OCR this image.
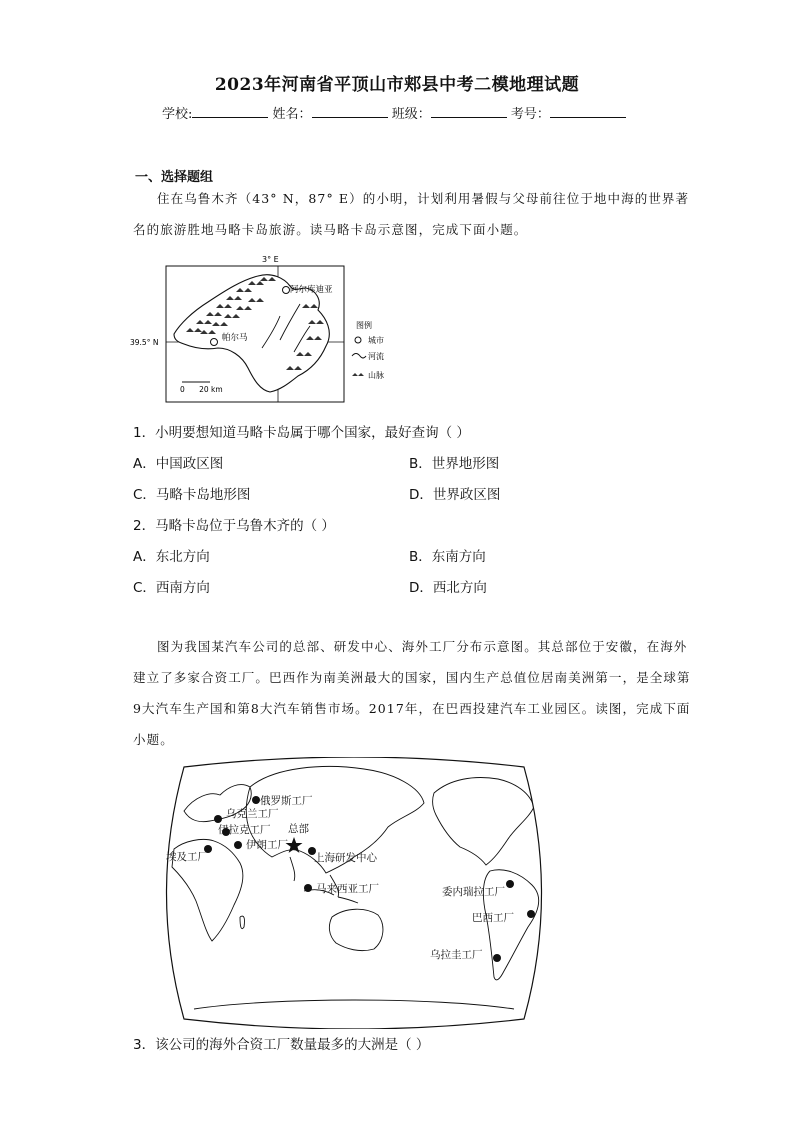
2023年河南省平顶山市郏县中考二模地理试题
学校:	姓名：	班级：	考号：
一、选择题组
住在乌鲁木齐（43° N，87° E）的小明，计划利用暑假与父母前往位于地中海的世界著名的旅游胜地马略卡岛旅游。读马略卡岛示意图，完成下面小题。
阿尔库迪亚
帕尔马
3° E
39.5° N
0      20 km
图例
城市
河流
山脉
1．小明要想知道马略卡岛属于哪个国家，最好查询（ ）
A．中国政区图	B．世界地形图
C．马略卡岛地形图	D．世界政区图
2．马略卡岛位于乌鲁木齐的（ ）
A．东北方向	B．东南方向
C．西南方向	D．西北方向
图为我国某汽车公司的总部、研发中心、海外工厂分布示意图。其总部位于安徽，在海外建立了多家合资工厂。巴西作为南美洲最大的国家，国内生产总值位居南美洲第一，是全球第9大汽车生产国和第8大汽车销售市场。2017年，在巴西投建汽车工业园区。读图，完成下面小题。
俄罗斯工厂
乌克兰工厂
伊拉克工厂 总部
伊朗工厂
埃及工厂	上海研发中心
马来西亚工厂	委内瑞拉工厂
巴西工厂
乌拉圭工厂
3．该公司的海外合资工厂数量最多的大洲是（ ）
